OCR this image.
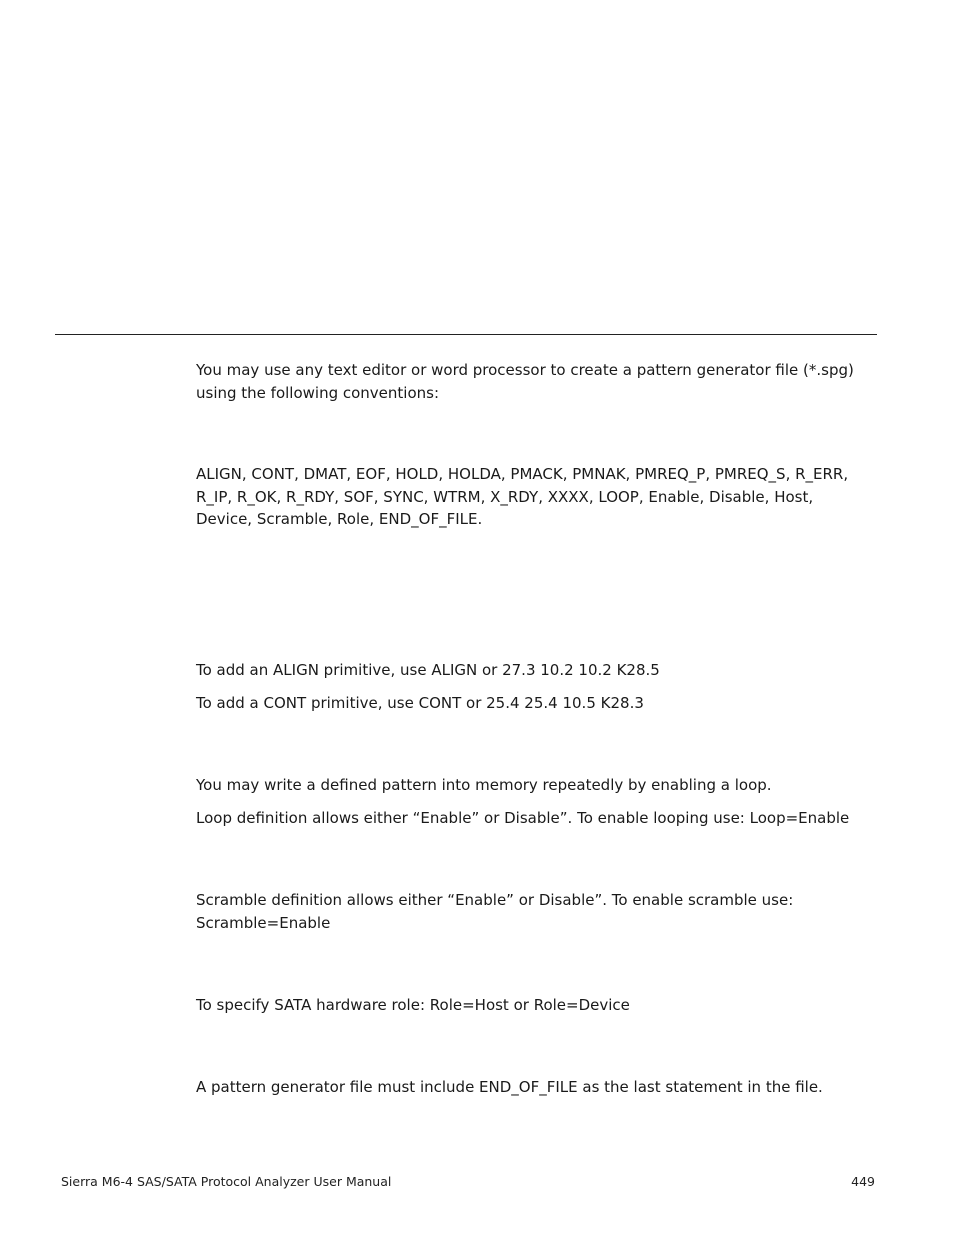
You may use any text editor or word processor to create a pattern generator file (*.spg) using the following conventions:

ALIGN, CONT, DMAT, EOF, HOLD, HOLDA, PMACK, PMNAK, PMREQ_P, PMREQ_S, R_ERR, R_IP, R_OK, R_RDY, SOF, SYNC, WTRM, X_RDY, XXXX, LOOP, Enable, Disable, Host, Device, Scramble, Role, END_OF_FILE.

To add an ALIGN primitive, use ALIGN or 27.3 10.2 10.2 K28.5

To add a CONT primitive, use CONT or 25.4 25.4 10.5 K28.3

You may write a defined pattern into memory repeatedly by enabling a loop.

Loop definition allows either “Enable” or Disable”. To enable looping use: Loop=Enable

Scramble definition allows either “Enable” or Disable”. To enable scramble use: Scramble=Enable

To specify SATA hardware role: Role=Host or Role=Device

A pattern generator file must include END_OF_FILE as the last statement in the file.

Sierra M6-4 SAS/SATA Protocol Analyzer User Manual	449
